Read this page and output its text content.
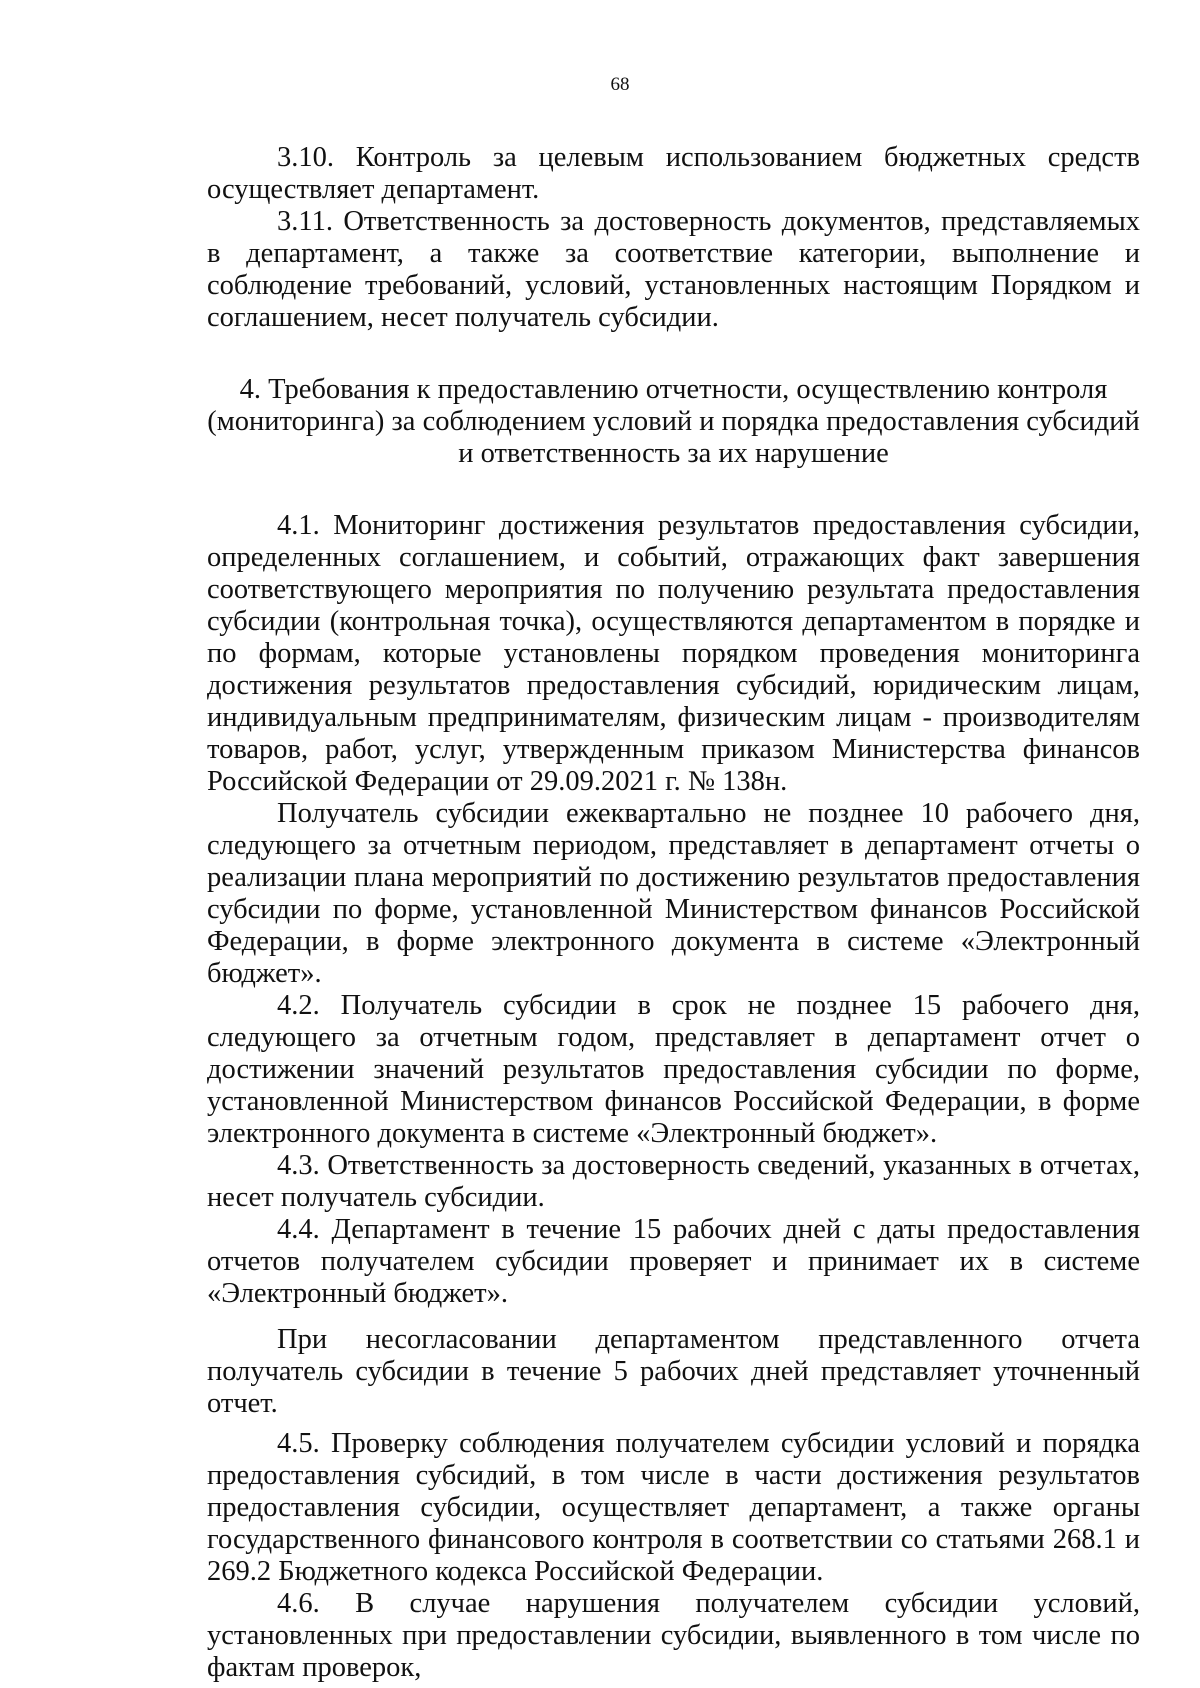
68

3.10. Контроль за целевым использованием бюджетных средств осуществляет департамент.

3.11. Ответственность за достоверность документов, представляемых в департамент, а также за соответствие категории, выполнение и соблюдение требований, условий, установленных настоящим Порядком и соглашением, несет получатель субсидии.

4. Требования к предоставлению отчетности, осуществлению контроля
(мониторинга) за соблюдением условий и порядка предоставления субсидий
и ответственность за их нарушение

4.1. Мониторинг достижения результатов предоставления субсидии, определенных соглашением, и событий, отражающих факт завершения соответствующего мероприятия по получению результата предоставления субсидии (контрольная точка), осуществляются департаментом в порядке и по формам, которые установлены порядком проведения мониторинга достижения результатов предоставления субсидий, юридическим лицам, индивидуальным предпринимателям, физическим лицам - производителям товаров, работ, услуг, утвержденным приказом Министерства финансов Российской Федерации от 29.09.2021 г. № 138н.

Получатель субсидии ежеквартально не позднее 10 рабочего дня, следующего за отчетным периодом, представляет в департамент отчеты о реализации плана мероприятий по достижению результатов предоставления субсидии по форме, установленной Министерством финансов Российской Федерации, в форме электронного документа в системе «Электронный бюджет».

4.2. Получатель субсидии в срок не позднее 15 рабочего дня, следующего за отчетным годом, представляет в департамент отчет о достижении значений результатов предоставления субсидии по форме, установленной Министерством финансов Российской Федерации, в форме электронного документа в системе «Электронный бюджет».

4.3. Ответственность за достоверность сведений, указанных в отчетах, несет получатель субсидии.

4.4. Департамент в течение 15 рабочих дней с даты предоставления отчетов получателем субсидии проверяет и принимает их в системе «Электронный бюджет».

При несогласовании департаментом представленного отчета получатель субсидии в течение 5 рабочих дней представляет уточненный отчет.

4.5. Проверку соблюдения получателем субсидии условий и порядка предоставления субсидий, в том числе в части достижения результатов предоставления субсидии, осуществляет департамент, а также органы государственного финансового контроля в соответствии со статьями 268.1 и 269.2 Бюджетного кодекса Российской Федерации.

4.6. В случае нарушения получателем субсидии условий, установленных при предоставлении субсидии, выявленного в том числе по фактам проверок,
